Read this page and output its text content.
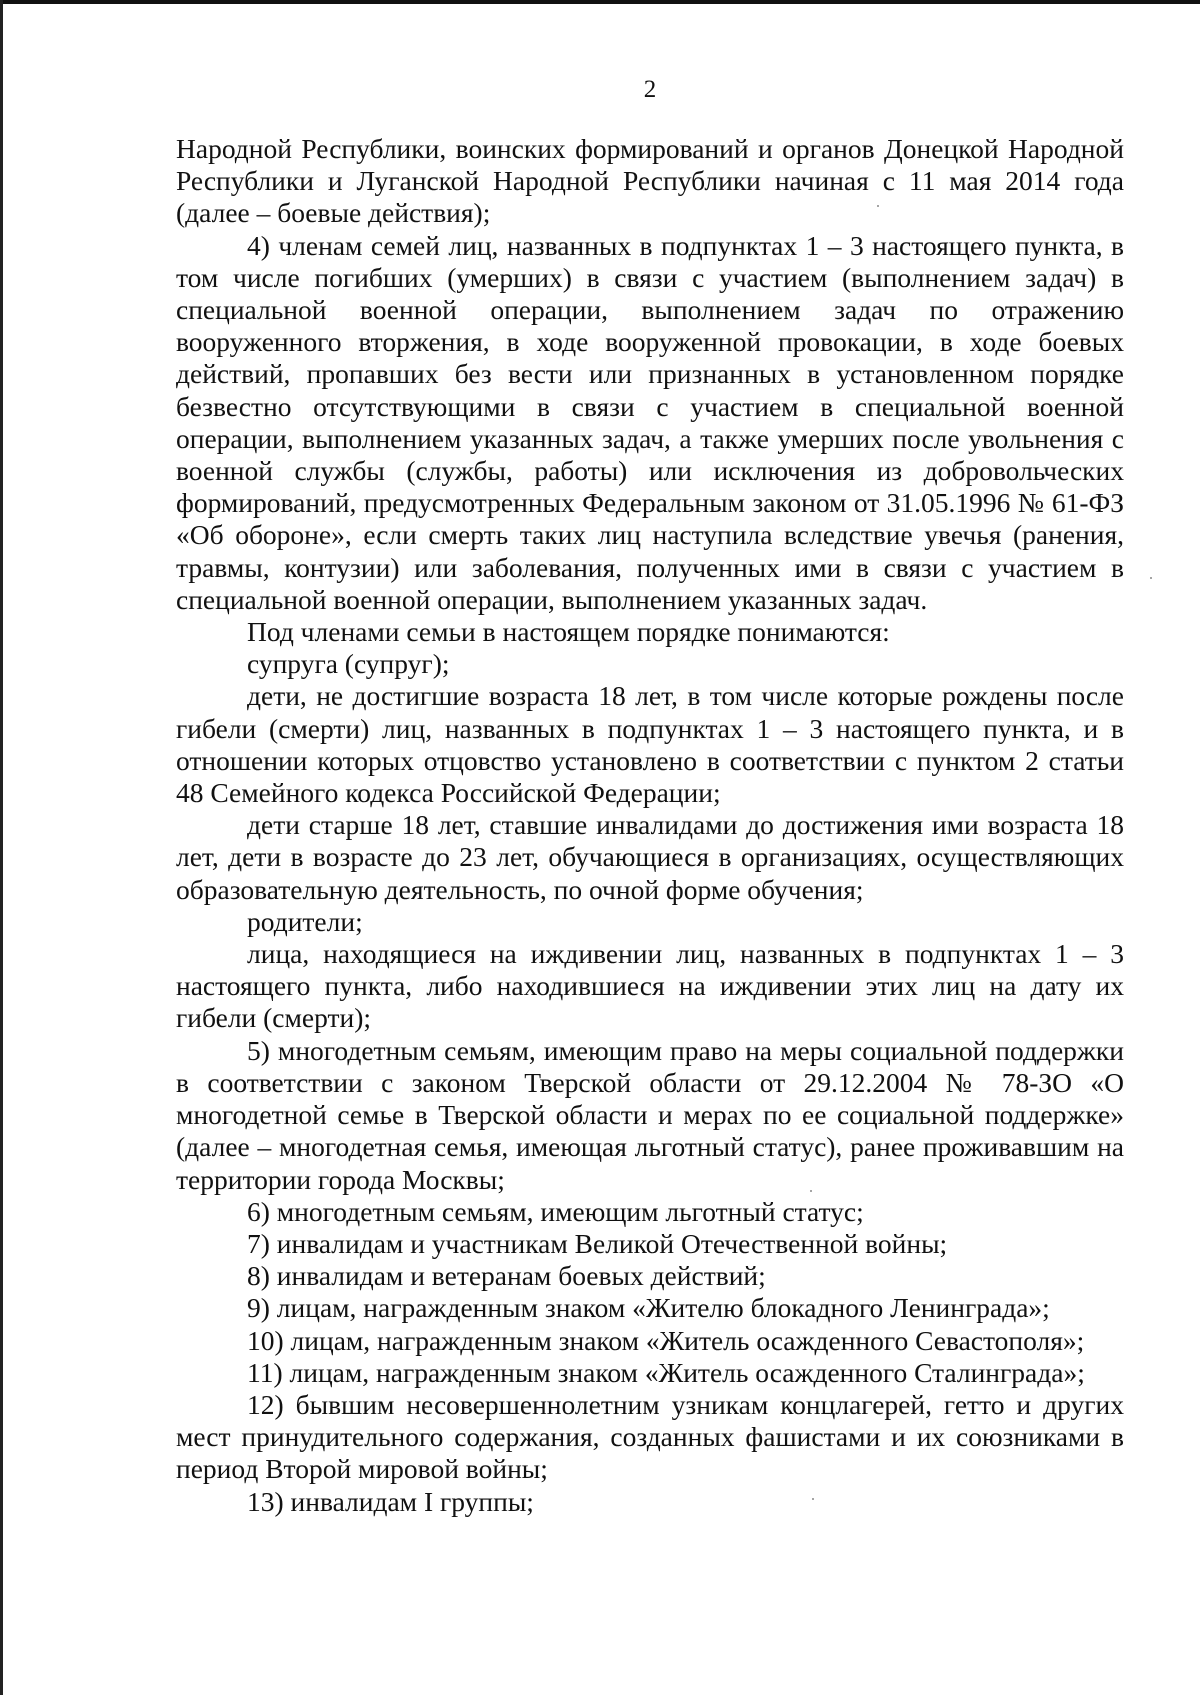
2

Народной Республики, воинских формирований и органов Донецкой Народной Республики и Луганской Народной Республики начиная с 11 мая 2014 года (далее – боевые действия);

4) членам семей лиц, названных в подпунктах 1 – 3 настоящего пункта, в том числе погибших (умерших) в связи с участием (выполнением задач) в специальной военной операции, выполнением задач по отражению вооруженного вторжения, в ходе вооруженной провокации, в ходе боевых действий, пропавших без вести или признанных в установленном порядке безвестно отсутствующими в связи с участием в специальной военной операции, выполнением указанных задач, а также умерших после увольнения с военной службы (службы, работы) или исключения из добровольческих формирований, предусмотренных Федеральным законом от 31.05.1996 № 61-ФЗ «Об обороне», если смерть таких лиц наступила вследствие увечья (ранения, травмы, контузии) или заболевания, полученных ими в связи с участием в специальной военной операции, выполнением указанных задач.

Под членами семьи в настоящем порядке понимаются:

супруга (супруг);

дети, не достигшие возраста 18 лет, в том числе которые рождены после гибели (смерти) лиц, названных в подпунктах 1 – 3 настоящего пункта, и в отношении которых отцовство установлено в соответствии с пунктом 2 статьи 48 Семейного кодекса Российской Федерации;

дети старше 18 лет, ставшие инвалидами до достижения ими возраста 18 лет, дети в возрасте до 23 лет, обучающиеся в организациях, осуществляющих образовательную деятельность, по очной форме обучения;

родители;

лица, находящиеся на иждивении лиц, названных в подпунктах 1 – 3 настоящего пункта, либо находившиеся на иждивении этих лиц на дату их гибели (смерти);

5) многодетным семьям, имеющим право на меры социальной поддержки в соответствии с законом Тверской области от 29.12.2004 № 78-ЗО «О многодетной семье в Тверской области и мерах по ее социальной поддержке» (далее – многодетная семья, имеющая льготный статус), ранее проживавшим на территории города Москвы;

6) многодетным семьям, имеющим льготный статус;

7) инвалидам и участникам Великой Отечественной войны;

8) инвалидам и ветеранам боевых действий;

9) лицам, награжденным знаком «Жителю блокадного Ленинграда»;

10) лицам, награжденным знаком «Житель осажденного Севастополя»;

11) лицам, награжденным знаком «Житель осажденного Сталинграда»;

12) бывшим несовершеннолетним узникам концлагерей, гетто и других мест принудительного содержания, созданных фашистами и их союзниками в период Второй мировой войны;

13) инвалидам I группы;
